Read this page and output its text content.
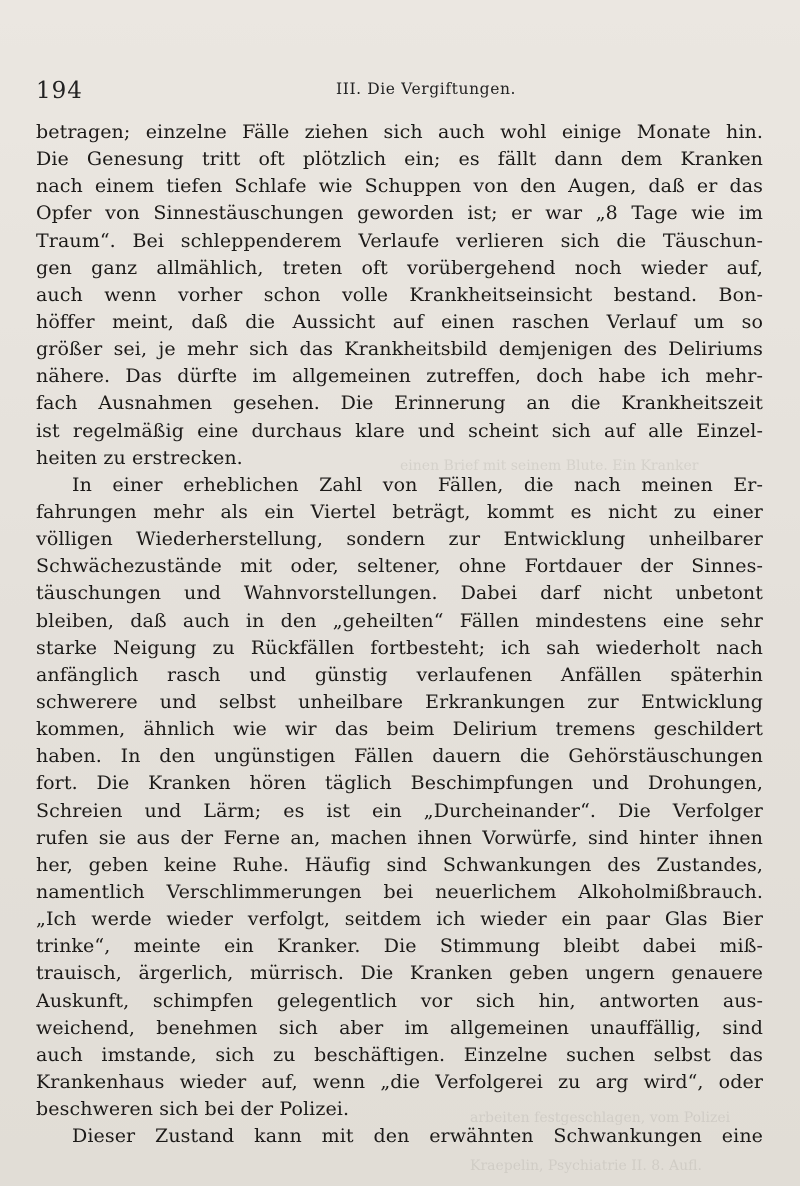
einen Brief mit seinem Blute. Ein Kranker
arbeiten festgeschlagen, vom Polizei
Kraepelin, Psychiatrie II. 8. Aufl.
194	III. Die Vergiftungen.
betragen; einzelne Fälle ziehen sich auch wohl einige Monate hin.
Die Genesung tritt oft plötzlich ein; es fällt dann dem Kranken
nach einem tiefen Schlafe wie Schuppen von den Augen, daß er das
Opfer von Sinnestäuschungen geworden ist; er war „8 Tage wie im
Traum“. Bei schleppenderem Verlaufe verlieren sich die Täuschun-
gen ganz allmählich, treten oft vorübergehend noch wieder auf,
auch wenn vorher schon volle Krankheitseinsicht bestand. Bon-
höffer meint, daß die Aussicht auf einen raschen Verlauf um so
größer sei, je mehr sich das Krankheitsbild demjenigen des Deliriums
nähere. Das dürfte im allgemeinen zutreffen, doch habe ich mehr-
fach Ausnahmen gesehen. Die Erinnerung an die Krankheitszeit
ist regelmäßig eine durchaus klare und scheint sich auf alle Einzel-
heiten zu erstrecken.
In einer erheblichen Zahl von Fällen, die nach meinen Er-
fahrungen mehr als ein Viertel beträgt, kommt es nicht zu einer
völligen Wiederherstellung, sondern zur Entwicklung unheilbarer
Schwächezustände mit oder, seltener, ohne Fortdauer der Sinnes-
täuschungen und Wahnvorstellungen. Dabei darf nicht unbetont
bleiben, daß auch in den „geheilten“ Fällen mindestens eine sehr
starke Neigung zu Rückfällen fortbesteht; ich sah wiederholt nach
anfänglich rasch und günstig verlaufenen Anfällen späterhin
schwerere und selbst unheilbare Erkrankungen zur Entwicklung
kommen, ähnlich wie wir das beim Delirium tremens geschildert
haben. In den ungünstigen Fällen dauern die Gehörstäuschungen
fort. Die Kranken hören täglich Beschimpfungen und Drohungen,
Schreien und Lärm; es ist ein „Durcheinander“. Die Verfolger
rufen sie aus der Ferne an, machen ihnen Vorwürfe, sind hinter ihnen
her, geben keine Ruhe. Häufig sind Schwankungen des Zustandes,
namentlich Verschlimmerungen bei neuerlichem Alkoholmißbrauch.
„Ich werde wieder verfolgt, seitdem ich wieder ein paar Glas Bier
trinke“, meinte ein Kranker. Die Stimmung bleibt dabei miß-
trauisch, ärgerlich, mürrisch. Die Kranken geben ungern genauere
Auskunft, schimpfen gelegentlich vor sich hin, antworten aus-
weichend, benehmen sich aber im allgemeinen unauffällig, sind
auch imstande, sich zu beschäftigen. Einzelne suchen selbst das
Krankenhaus wieder auf, wenn „die Verfolgerei zu arg wird“, oder
beschweren sich bei der Polizei.
Dieser Zustand kann mit den erwähnten Schwankungen eine
